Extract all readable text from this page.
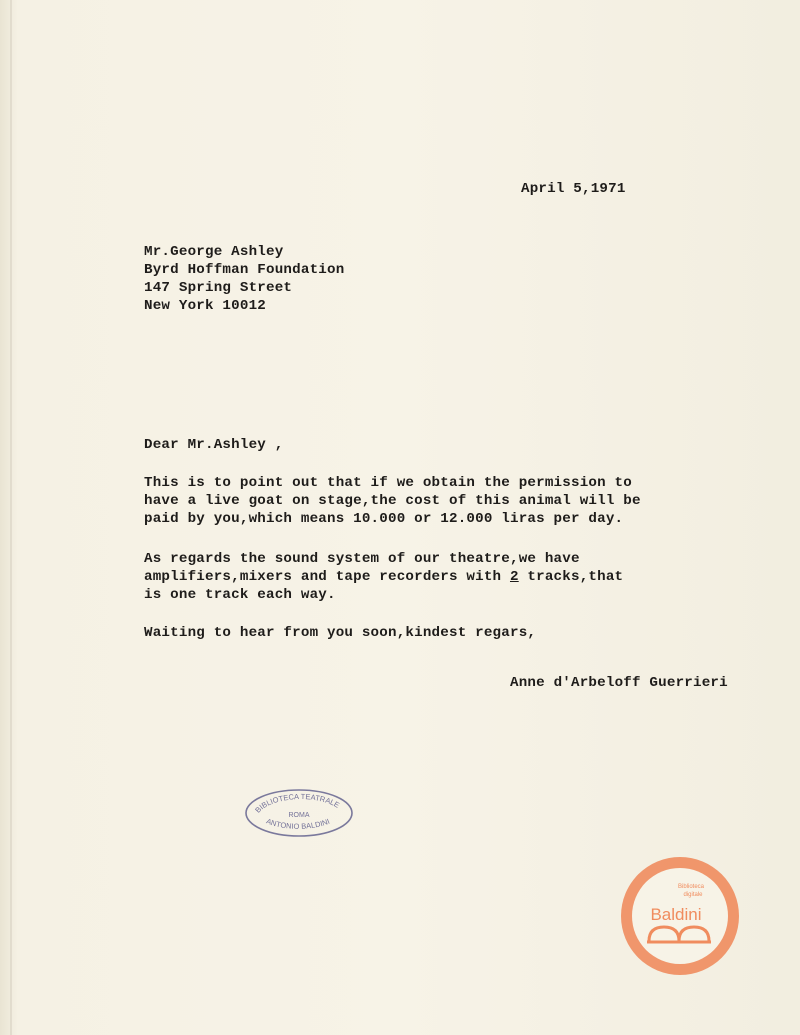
April 5,1971
Mr.George Ashley
Byrd Hoffman Foundation
147 Spring Street
New York 10012
Dear Mr.Ashley ,
This is to point out that if we obtain the permission to
have a live goat on stage,the cost of this animal will be
paid by you,which means 10.000 or 12.000 liras per day.
As regards the sound system of our theatre,we have
amplifiers,mixers and tape recorders with 2 tracks,that
is one track each way.
Waiting to hear from you soon,kindest regars,
Anne d'Arbeloff Guerrieri
BIBLIOTECA TEATRALE
ROMA
ANTONIO BALDINI
Biblioteca
digitale
Baldini
